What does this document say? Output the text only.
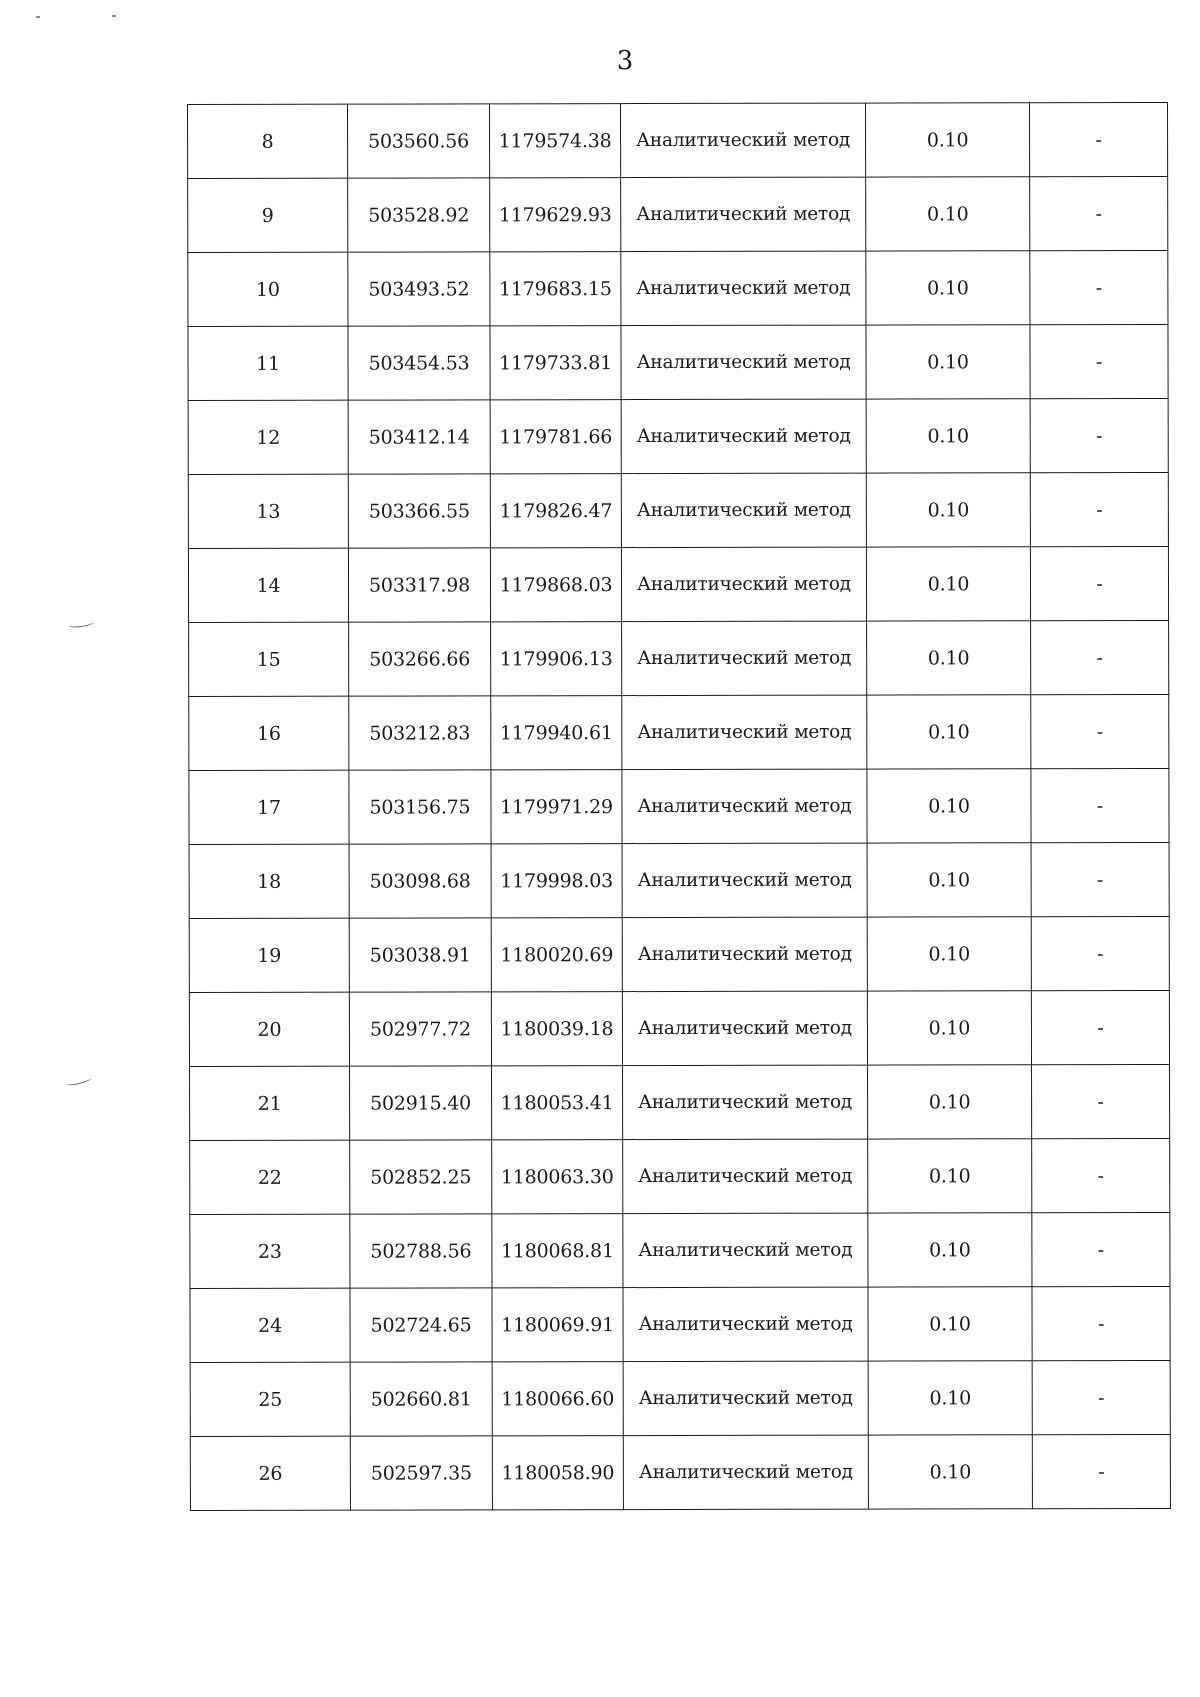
3
8	503560.56	1179574.38	Аналитический метод	0.10	-
9	503528.92	1179629.93	Аналитический метод	0.10	-
10	503493.52	1179683.15	Аналитический метод	0.10	-
11	503454.53	1179733.81	Аналитический метод	0.10	-
12	503412.14	1179781.66	Аналитический метод	0.10	-
13	503366.55	1179826.47	Аналитический метод	0.10	-
14	503317.98	1179868.03	Аналитический метод	0.10	-
15	503266.66	1179906.13	Аналитический метод	0.10	-
16	503212.83	1179940.61	Аналитический метод	0.10	-
17	503156.75	1179971.29	Аналитический метод	0.10	-
18	503098.68	1179998.03	Аналитический метод	0.10	-
19	503038.91	1180020.69	Аналитический метод	0.10	-
20	502977.72	1180039.18	Аналитический метод	0.10	-
21	502915.40	1180053.41	Аналитический метод	0.10	-
22	502852.25	1180063.30	Аналитический метод	0.10	-
23	502788.56	1180068.81	Аналитический метод	0.10	-
24	502724.65	1180069.91	Аналитический метод	0.10	-
25	502660.81	1180066.60	Аналитический метод	0.10	-
26	502597.35	1180058.90	Аналитический метод	0.10	-
